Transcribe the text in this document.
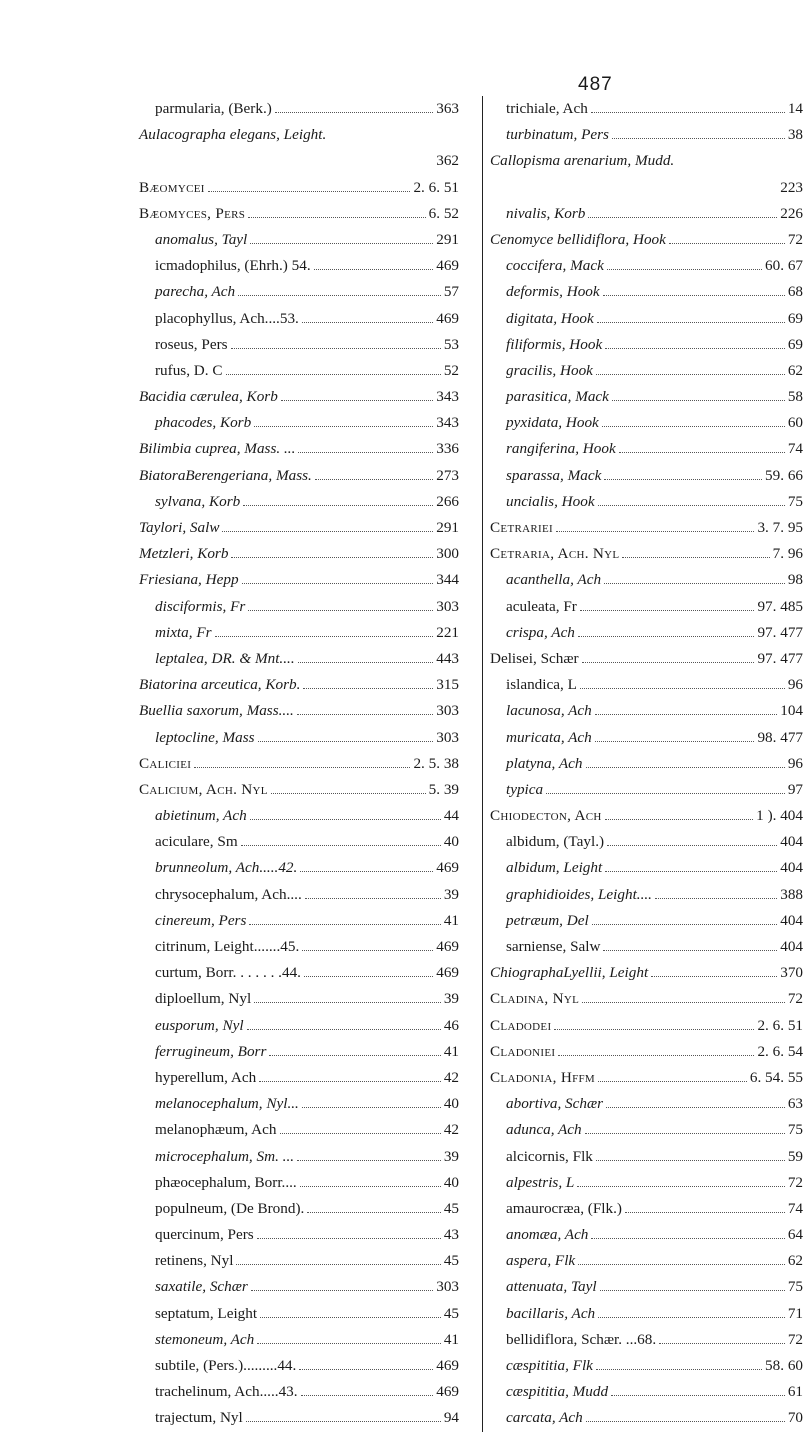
487
parmularia, (Berk.)	363
Aulacographa elegans, Leight.
362
Bæomycei	2. 6. 51
Bæomyces, Pers	6. 52
anomalus, Tayl	291
icmadophilus, (Ehrh.) 54.	469
parecha, Ach	57
placophyllus, Ach....53.	469
roseus, Pers	53
rufus, D. C	52
Bacidia cærulea, Korb	343
phacodes, Korb	343
Bilimbia cuprea, Mass. ...	336
BiatoraBerengeriana, Mass.	273
sylvana, Korb	266
Taylori, Salw	291
Metzleri, Korb	300
Friesiana, Hepp	344
disciformis, Fr	303
mixta, Fr	221
leptalea, DR. & Mnt....	443
Biatorina arceutica, Korb.	315
Buellia saxorum, Mass....	303
leptocline, Mass	303
Caliciei	2. 5. 38
Calicium, Ach. Nyl	5. 39
abietinum, Ach	44
aciculare, Sm	40
brunneolum, Ach.....42.	469
chrysocephalum, Ach....	39
cinereum, Pers	41
citrinum, Leight.......45.	469
curtum, Borr. . . . . . .44.	469
diploellum, Nyl	39
eusporum, Nyl	46
ferrugineum, Borr	41
hyperellum, Ach	42
melanocephalum, Nyl...	40
melanophæum, Ach	42
microcephalum, Sm. ...	39
phæocephalum, Borr....	40
populneum, (De Brond).	45
quercinum, Pers	43
retinens, Nyl	45
saxatile, Schær	303
septatum, Leight	45
stemoneum, Ach	41
subtile, (Pers.).........44.	469
trachelinum, Ach.....43.	469
trajectum, Nyl	94
trichiale, Ach	14
turbinatum, Pers	38
Callopisma arenarium, Mudd.
223
nivalis, Korb	226
Cenomyce bellidiflora, Hook	72
coccifera, Mack	60. 67
deformis, Hook	68
digitata, Hook	69
filiformis, Hook	69
gracilis, Hook	62
parasitica, Mack	58
pyxidata, Hook	60
rangiferina, Hook	74
sparassa, Mack	59. 66
uncialis, Hook	75
Cetrariei	3. 7. 95
Cetraria, Ach. Nyl	7. 96
acanthella, Ach	98
aculeata, Fr	97. 485
crispa, Ach	97. 477
Delisei, Schær	97. 477
islandica, L	96
lacunosa, Ach	104
muricata, Ach	98. 477
platyna, Ach	96
typica	97
Chiodecton, Ach	1 ). 404
albidum, (Tayl.)	404
albidum, Leight	404
graphidioides, Leight....	388
petræum, Del	404
sarniense, Salw	404
ChiographaLyellii, Leight	370
Cladina, Nyl	72
Cladodei	2. 6. 51
Cladoniei	2. 6. 54
Cladonia, Hffm	6. 54. 55
abortiva, Schær	63
adunca, Ach	75
alcicornis, Flk	59
alpestris, L	72
amaurocræa, (Flk.)	74
anomæa, Ach	64
aspera, Flk	62
attenuata, Tayl	75
bacillaris, Ach	71
bellidiflora, Schær. ...68.	72
cæspititia, Flk	58. 60
cæspititia, Mudd	61
carcata, Ach	70
